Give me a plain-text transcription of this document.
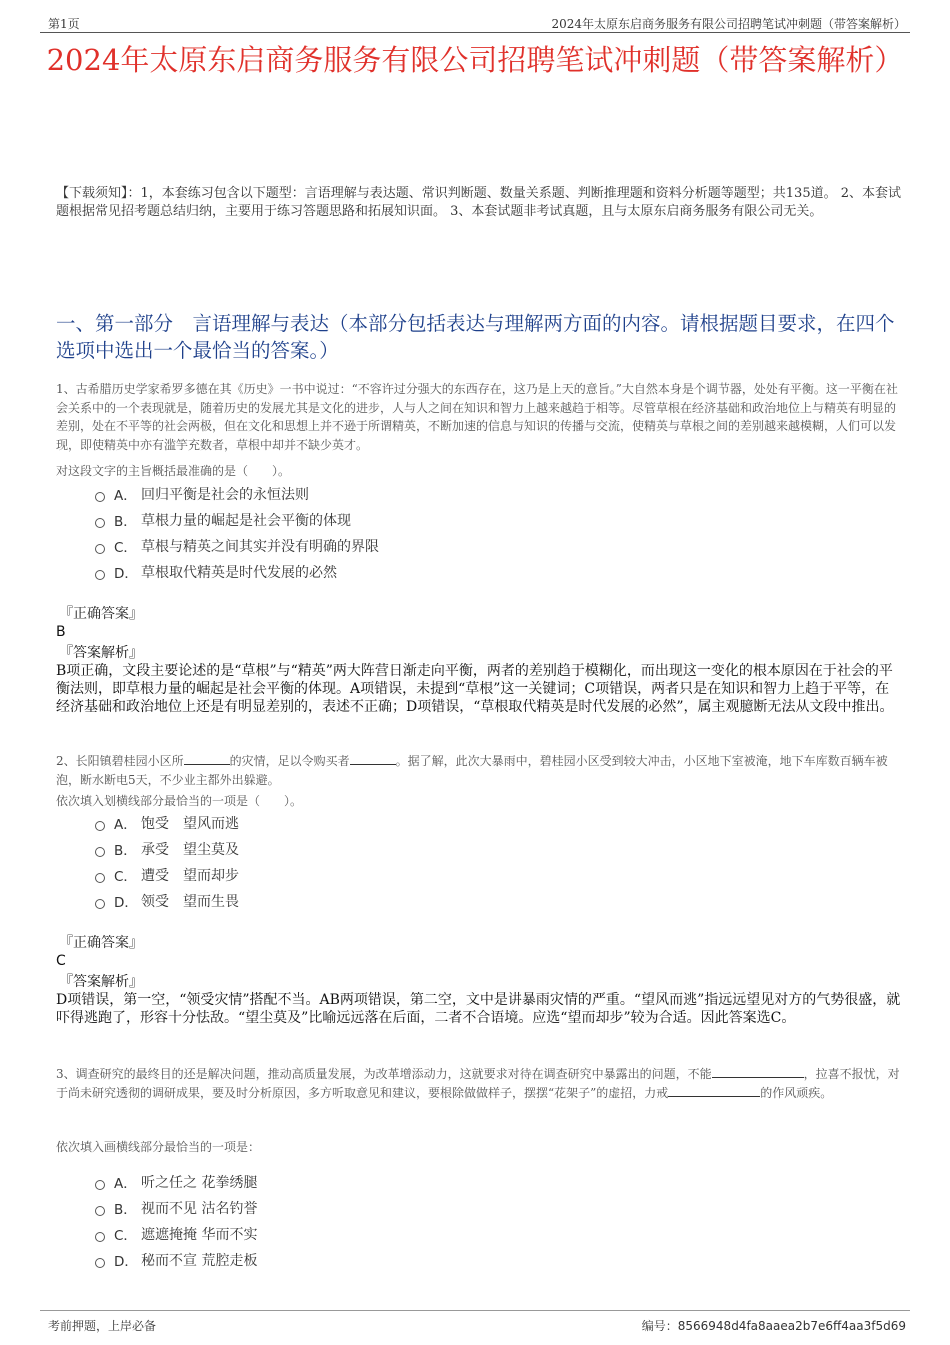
第1页	2024年太原东启商务服务有限公司招聘笔试冲刺题（带答案解析）
2024年太原东启商务服务有限公司招聘笔试冲刺题（带答案解析）

【下载须知】：1，本套练习包含以下题型：言语理解与表达题、常识判断题、数量关系题、判断推理题和资料分析题等题型；共135道。 2、本套试题根据常见招考题总结归纳，主要用于练习答题思路和拓展知识面。 3、本套试题非考试真题，且与太原东启商务服务有限公司无关。

一、第一部分　言语理解与表达（本部分包括表达与理解两方面的内容。请根据题目要求，在四个选项中选出一个最恰当的答案。）

1、古希腊历史学家希罗多德在其《历史》一书中说过：“不容许过分强大的东西存在，这乃是上天的意旨。”大自然本身是个调节器，处处有平衡。这一平衡在社会关系中的一个表现就是，随着历史的发展尤其是文化的进步，人与人之间在知识和智力上越来越趋于相等。尽管草根在经济基础和政治地位上与精英有明显的差别，处在不平等的社会两极，但在文化和思想上并不逊于所谓精英，不断加速的信息与知识的传播与交流，使精英与草根之间的差别越来越模糊，人们可以发现，即使精英中亦有滥竽充数者，草根中却并不缺少英才。

对这段文字的主旨概括最准确的是（　　）。

A． 回归平衡是社会的永恒法则
B． 草根力量的崛起是社会平衡的体现
C． 草根与精英之间其实并没有明确的界限
D． 草根取代精英是时代发展的必然
『正确答案』
B
『答案解析』
B项正确，文段主要论述的是“草根”与“精英”两大阵营日渐走向平衡，两者的差别趋于模糊化，而出现这一变化的根本原因在于社会的平衡法则，即草根力量的崛起是社会平衡的体现。A项错误，未提到“草根”这一关键词；C项错误，两者只是在知识和智力上趋于平等，在经济基础和政治地位上还是有明显差别的，表述不正确；D项错误，“草根取代精英是时代发展的必然”，属主观臆断无法从文段中推出。

2、长阳镇碧桂园小区所	的灾情，足以令购买者	。据了解，此次大暴雨中，碧桂园小区受到较大冲击，小区地下室被淹，地下车库数百辆车被泡，断水断电5天，不少业主都外出躲避。

依次填入划横线部分最恰当的一项是（　　）。

A． 饱受　望风而逃
B． 承受　望尘莫及
C． 遭受　望而却步
D． 领受　望而生畏
『正确答案』
C
『答案解析』
D项错误，第一空，“领受灾情”搭配不当。AB两项错误，第二空，文中是讲暴雨灾情的严重。“望风而逃”指远远望见对方的气势很盛，就吓得逃跑了，形容十分怯敌。“望尘莫及”比喻远远落在后面，二者不合语境。应选“望而却步”较为合适。因此答案选C。

3、调查研究的最终目的还是解决问题，推动高质量发展，为改革增添动力，这就要求对待在调查研究中暴露出的问题，不能	，拉喜不报忧，对于尚未研究透彻的调研成果，要及时分析原因，多方听取意见和建议，要根除做做样子，摆摆“花架子”的虚招，力戒	的作风顽疾。

依次填入画横线部分最恰当的一项是：

A． 听之任之 花拳绣腿
B． 视而不见 沽名钓誉
C． 遮遮掩掩 华而不实
D． 秘而不宣 荒腔走板
考前押题，上岸必备	编号：8566948d4fa8aaea2b7e6ff4aa3f5d69
